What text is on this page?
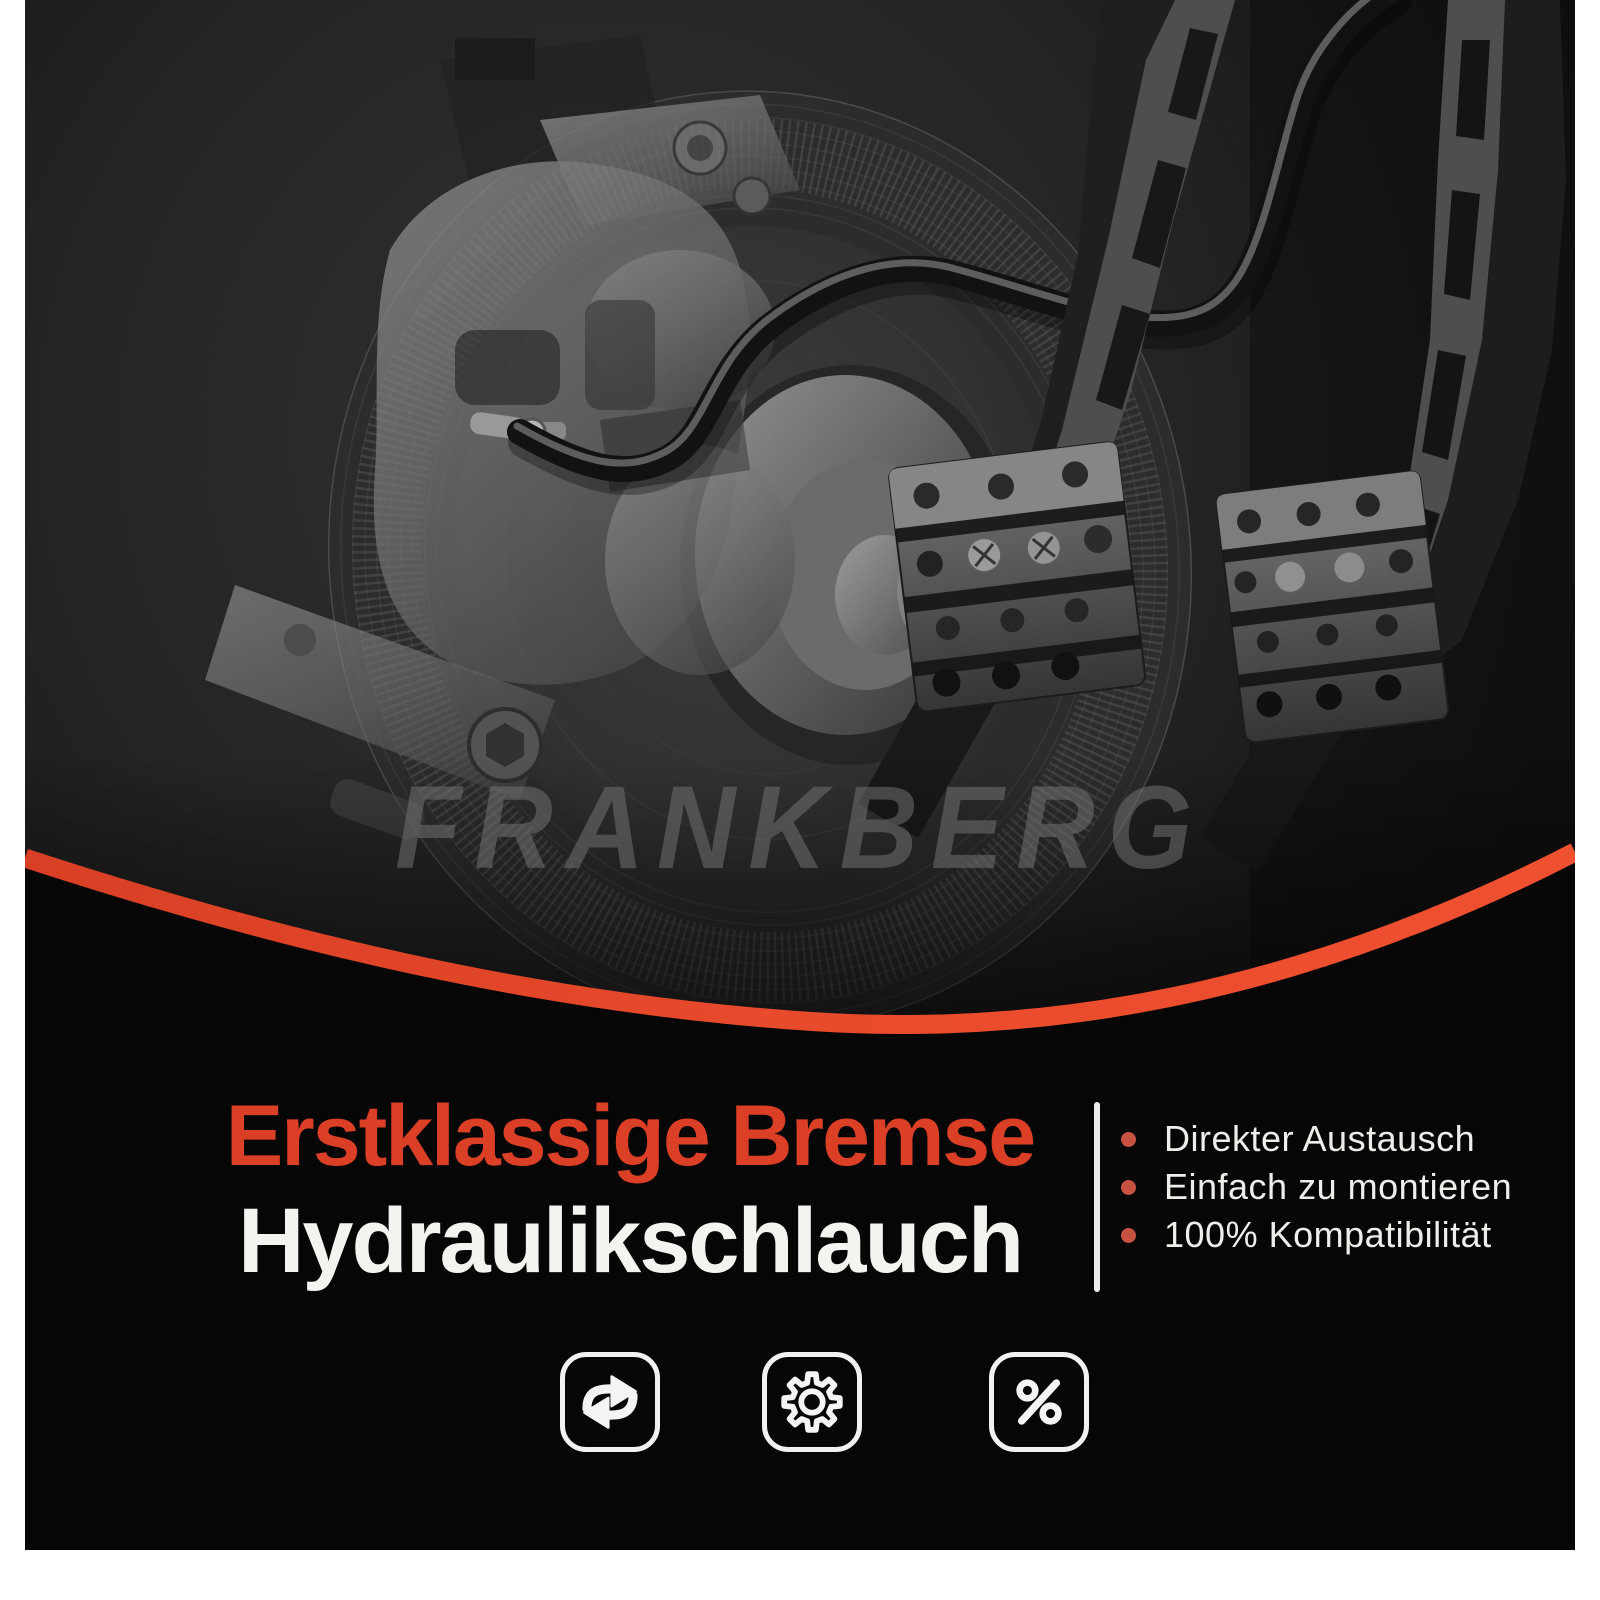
FRANKBERG
Erstklassige Bremse
Hydraulikschlauch
Direkter Austausch
Einfach zu montieren
100% Kompatibilität
